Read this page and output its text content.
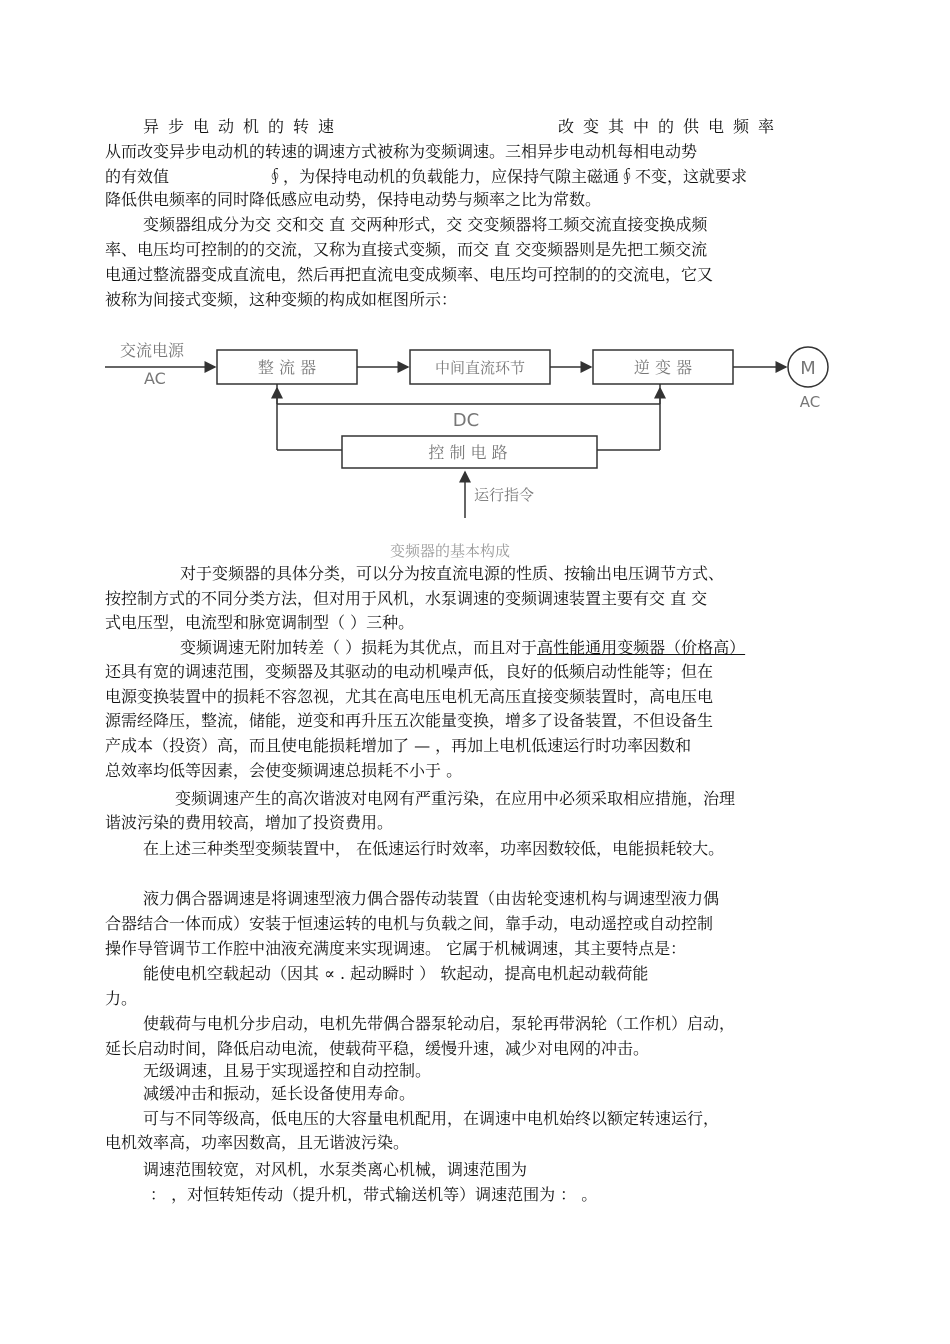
异步电动机的转速	改变其中的供电频率
从而改变异步电动机的转速的调速方式被称为变频调速。三相异步电动机每相电动势
的有效值	∮，为保持电动机的负载能力，应保持气隙主磁通∮不变，这就要求
降低供电频率的同时降低感应电动势，保持电动势与频率之比为常数。
变频器组成分为交 交和交 直 交两种形式，交 交变频器将工频交流直接变换成频
率、电压均可控制的的交流，又称为直接式变频，而交 直 交变频器则是先把工频交流
电通过整流器变成直流电，然后再把直流电变成频率、电压均可控制的的交流电，它又
被称为间接式变频，这种变频的构成如框图所示：
交流电源
AC
整 流 器	中间直流环节	逆 变 器	M
AC
DC
控 制 电 路
运行指令
变频器的基本构成
对于变频器的具体分类，可以分为按直流电源的性质、按输出电压调节方式、
按控制方式的不同分类方法，但对用于风机，水泵调速的变频调速装置主要有交 直 交
式电压型，电流型和脉宽调制型（ ）三种。
变频调速无附加转差（ ）损耗为其优点，而且对于高性能通用变频器（价格高）
还具有宽的调速范围，变频器及其驱动的电动机噪声低，良好的低频启动性能等；但在
电源变换装置中的损耗不容忽视，尤其在高电压电机无高压直接变频装置时，高电压电
源需经降压，整流，储能，逆变和再升压五次能量变换，增多了设备装置，不但设备生
产成本（投资）高，而且使电能损耗增加了 — ，再加上电机低速运行时功率因数和
总效率均低等因素，会使变频调速总损耗不小于 。
变频调速产生的高次谐波对电网有严重污染，在应用中必须采取相应措施，治理
谐波污染的费用较高，增加了投资费用。
在上述三种类型变频装置中， 在低速运行时效率，功率因数较低，电能损耗较大。
液力偶合器调速是将调速型液力偶合器传动装置（由齿轮变速机构与调速型液力偶
合器结合一体而成）安装于恒速运转的电机与负载之间，靠手动，电动遥控或自动控制
操作导管调节工作腔中油液充满度来实现调速。 它属于机械调速，其主要特点是：
能使电机空载起动（因其 ∝ . 起动瞬时 ） 软起动，提高电机起动载荷能
力。
使载荷与电机分步启动，电机先带偶合器泵轮动启，泵轮再带涡轮（工作机）启动，
延长启动时间，降低启动电流，使载荷平稳，缓慢升速，减少对电网的冲击。
无级调速，且易于实现遥控和自动控制。
减缓冲击和振动，延长设备使用寿命。
可与不同等级高，低电压的大容量电机配用，在调速中电机始终以额定转速运行，
电机效率高，功率因数高，且无谐波污染。
调速范围较宽，对风机，水泵类离心机械，调速范围为
： ，对恒转矩传动（提升机，带式输送机等）调速范围为 ： 。
